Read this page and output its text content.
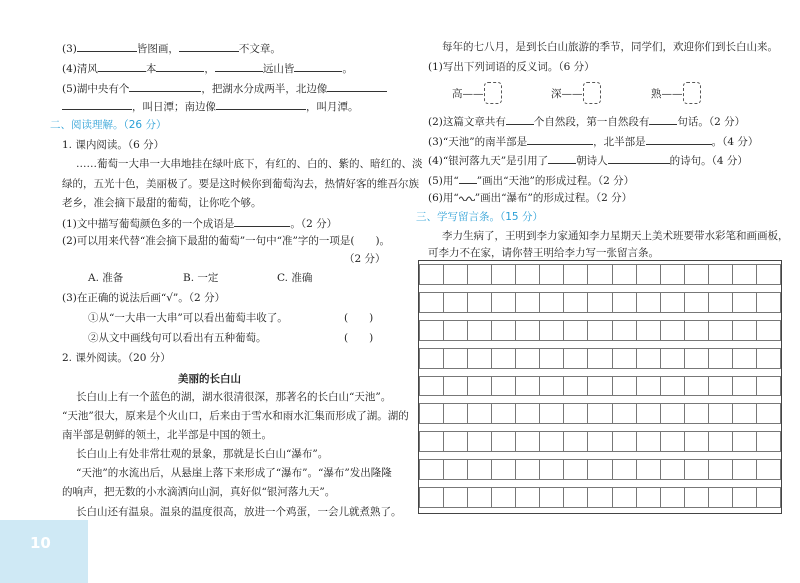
(3)	皆图画，	不文章。
(4)清风	本	，	远山皆	。
(5)湖中央有个	，把湖水分成两半，北边像
，叫日潭；南边像	，叫月潭。
二、阅读理解。（26 分）
1. 课内阅读。（6 分）
……葡萄一大串一大串地挂在绿叶底下，有红的、白的、紫的、暗红的、淡
绿的，五光十色，美丽极了。要是这时候你到葡萄沟去，热情好客的维吾尔族
老乡，准会摘下最甜的葡萄，让你吃个够。
(1)文中描写葡萄颜色多的一个成语是	。（2 分）
(2)可以用来代替“准会摘下最甜的葡萄”一句中“准”字的一项是(　　)。
（2 分）
A. 准备	B. 一定	C. 准确
(3)在正确的说法后画“√”。（2 分）
①从“一大串一大串”可以看出葡萄丰收了。	(　　)
②从文中画线句可以看出有五种葡萄。	(　　)
2. 课外阅读。（20 分）
美丽的长白山
长白山上有一个蓝色的湖，湖水很清很深，那著名的长白山“天池”。
“天池”很大，原来是个火山口，后来由于雪水和雨水汇集而形成了湖。湖的
南半部是朝鲜的领土，北半部是中国的领土。
长白山上有处非常壮观的景象，那就是长白山“瀑布”。
“天池”的水流出后，从悬崖上落下来形成了“瀑布”。“瀑布”发出隆隆
的响声，把无数的小水滴洒向山洞，真好似“银河落九天”。
长白山还有温泉。温泉的温度很高，放进一个鸡蛋，一会儿就煮熟了。
每年的七八月，是到长白山旅游的季节，同学们，欢迎你们到长白山来。
(1)写出下列词语的反义词。（6 分）
高——	深——	熟——
(2)这篇文章共有	个自然段，第一自然段有	句话。（2 分）
(3)“天池”的南半部是	，北半部是	。（4 分）
(4)“银河落九天”是引用了	朝诗人	的诗句。（4 分）
(5)用“ ”画出“天池”的形成过程。（2 分）
(6)用“ ”画出“瀑布”的形成过程。（2 分）
三、学写留言条。（15 分）
李力生病了，王明到李力家通知李力星期天上美术班要带水彩笔和画画板，
可李力不在家，请你替王明给李力写一张留言条。
10
